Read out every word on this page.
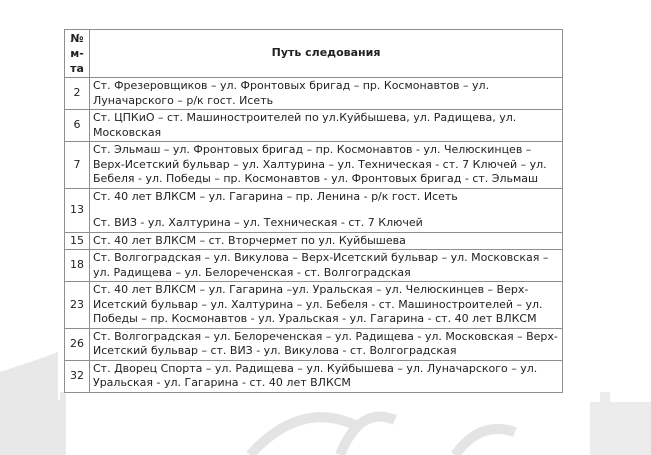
№
м-
та	Путь следования
2	Ст. Фрезеровщиков – ул. Фронтовых бригад – пр. Космонавтов – ул. Луначарского – р/к гост. Исеть

6	Ст. ЦПКиО – ст. Машиностроителей по ул.Куйбышева, ул. Радищева, ул. Московская

7	Ст. Эльмаш – ул. Фронтовых бригад – пр. Космонавтов - ул. Челюскинцев – Верх-Исетский бульвар – ул. Халтурина – ул. Техническая - ст. 7 Ключей – ул. Бебеля - ул. Победы – пр. Космонавтов - ул. Фронтовых бригад - ст. Эльмаш

13	Ст. 40 лет ВЛКСМ – ул. Гагарина – пр. Ленина - р/к гост. Исеть
Ст. ВИЗ - ул. Халтурина – ул. Техническая - ст. 7 Ключей

15	Ст. 40 лет ВЛКСМ – ст. Вторчермет по ул. Куйбышева

18	Ст. Волгоградская – ул. Викулова – Верх-Исетский бульвар – ул. Московская – ул. Радищева – ул. Белореченская - ст. Волгоградская

23	Ст. 40 лет ВЛКСМ – ул. Гагарина –ул. Уральская – ул. Челюскинцев – Верх-Исетский бульвар – ул. Халтурина – ул. Бебеля - ст. Машиностроителей – ул. Победы – пр. Космонавтов - ул. Уральская - ул. Гагарина - ст. 40 лет ВЛКСМ

26	Ст. Волгоградская – ул. Белореченская – ул. Радищева - ул. Московская – Верх-Исетский бульвар – ст. ВИЗ - ул. Викулова - ст. Волгоградская

32	Ст. Дворец Спорта – ул. Радищева – ул. Куйбышева – ул. Луначарского – ул. Уральская - ул. Гагарина - ст. 40 лет ВЛКСМ
